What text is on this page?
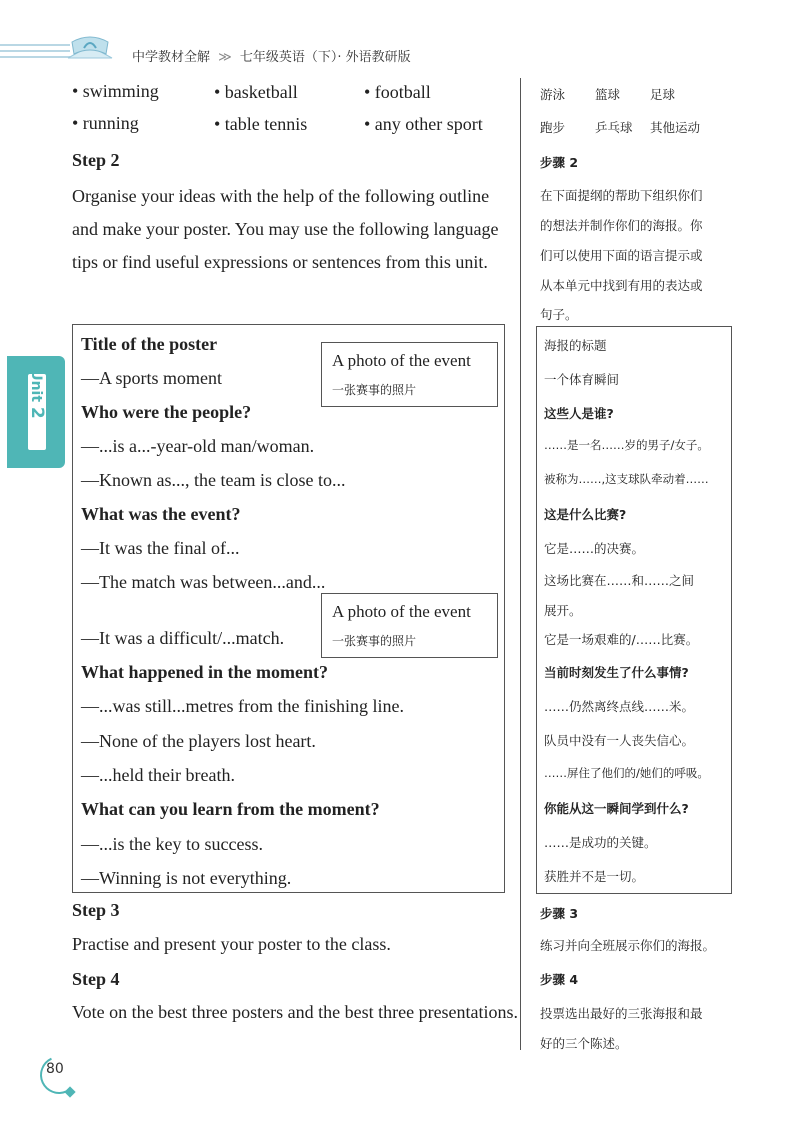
中学教材全解 ≫ 七年级英语（下）· 外语教研版
• swimming	• basketball	• football
• running	• table tennis	• any other sport
游泳 篮球 足球
跑步 乒乓球 其他运动
Step 2
Organise your ideas with the help of the following outline
and make your poster. You may use the following language
tips or find useful expressions or sentences from this unit.
步骤 2
在下面提纲的帮助下组织你们
的想法并制作你们的海报。你
们可以使用下面的语言提示或
从本单元中找到有用的表达或
句子。
Unit 2
A photo of the event
一张赛事的照片
A photo of the event
一张赛事的照片
Title of the poster
—A sports moment
Who were the people?
—...is a...-year-old man/woman.
—Known as..., the team is close to...
What was the event?
—It was the final of...
—The match was between...and...
—It was a difficult/...match.
What happened in the moment?
—...was still...metres from the finishing line.
—None of the players lost heart.
—...held their breath.
What can you learn from the moment?
—...is the key to success.
—Winning is not everything.
海报的标题
一个体育瞬间
这些人是谁?
……是一名……岁的男子/女子。
被称为……,这支球队牵动着……
这是什么比赛?
它是……的决赛。
这场比赛在……和……之间
展开。
它是一场艰难的/……比赛。
当前时刻发生了什么事情?
……仍然离终点线……米。
队员中没有一人丧失信心。
……屏住了他们的/她们的呼吸。
你能从这一瞬间学到什么?
……是成功的关键。
获胜并不是一切。
Step 3
Practise and present your poster to the class.
步骤 3
练习并向全班展示你们的海报。
Step 4
Vote on the best three posters and the best three presentations.
步骤 4
投票选出最好的三张海报和最
好的三个陈述。
80
